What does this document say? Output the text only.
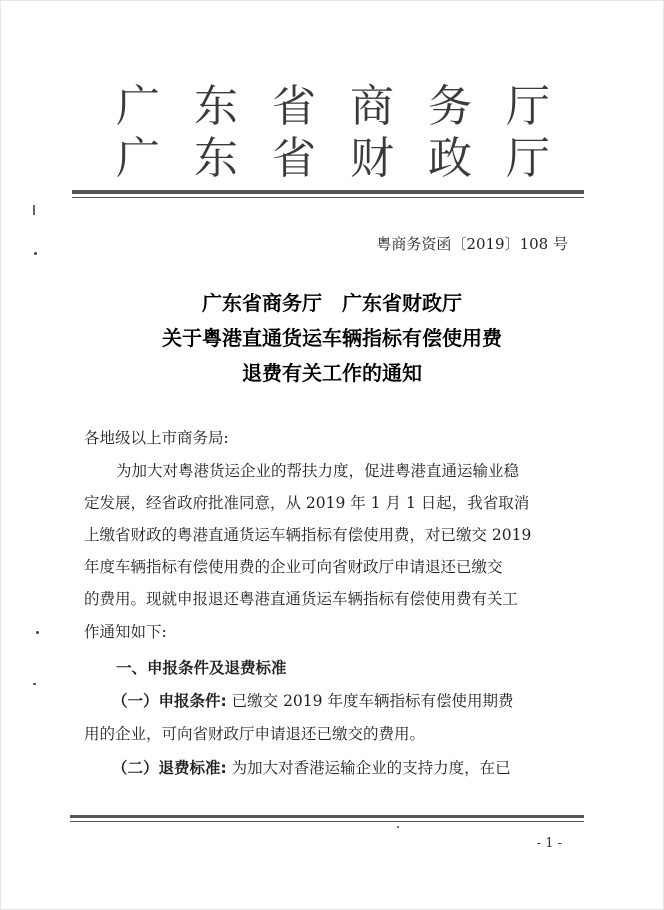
广 东 省 商 务 厅
广 东 省 财 政 厅
粤商务资函〔2019〕108 号
广东省商务厅　广东省财政厅
关于粤港直通货运车辆指标有偿使用费
退费有关工作的通知
各地级以上市商务局:
为加大对粤港货运企业的帮扶力度，促进粤港直通运输业稳
定发展，经省政府批准同意，从 2019 年 1 月 1 日起，我省取消
上缴省财政的粤港直通货运车辆指标有偿使用费，对已缴交 2019
年度车辆指标有偿使用费的企业可向省财政厅申请退还已缴交
的费用。现就申报退还粤港直通货运车辆指标有偿使用费有关工
作通知如下:
一、申报条件及退费标准
（一）申报条件: 已缴交 2019 年度车辆指标有偿使用期费
用的企业，可向省财政厅申请退还已缴交的费用。
（二）退费标准: 为加大对香港运输企业的支持力度，在已
- 1 -
